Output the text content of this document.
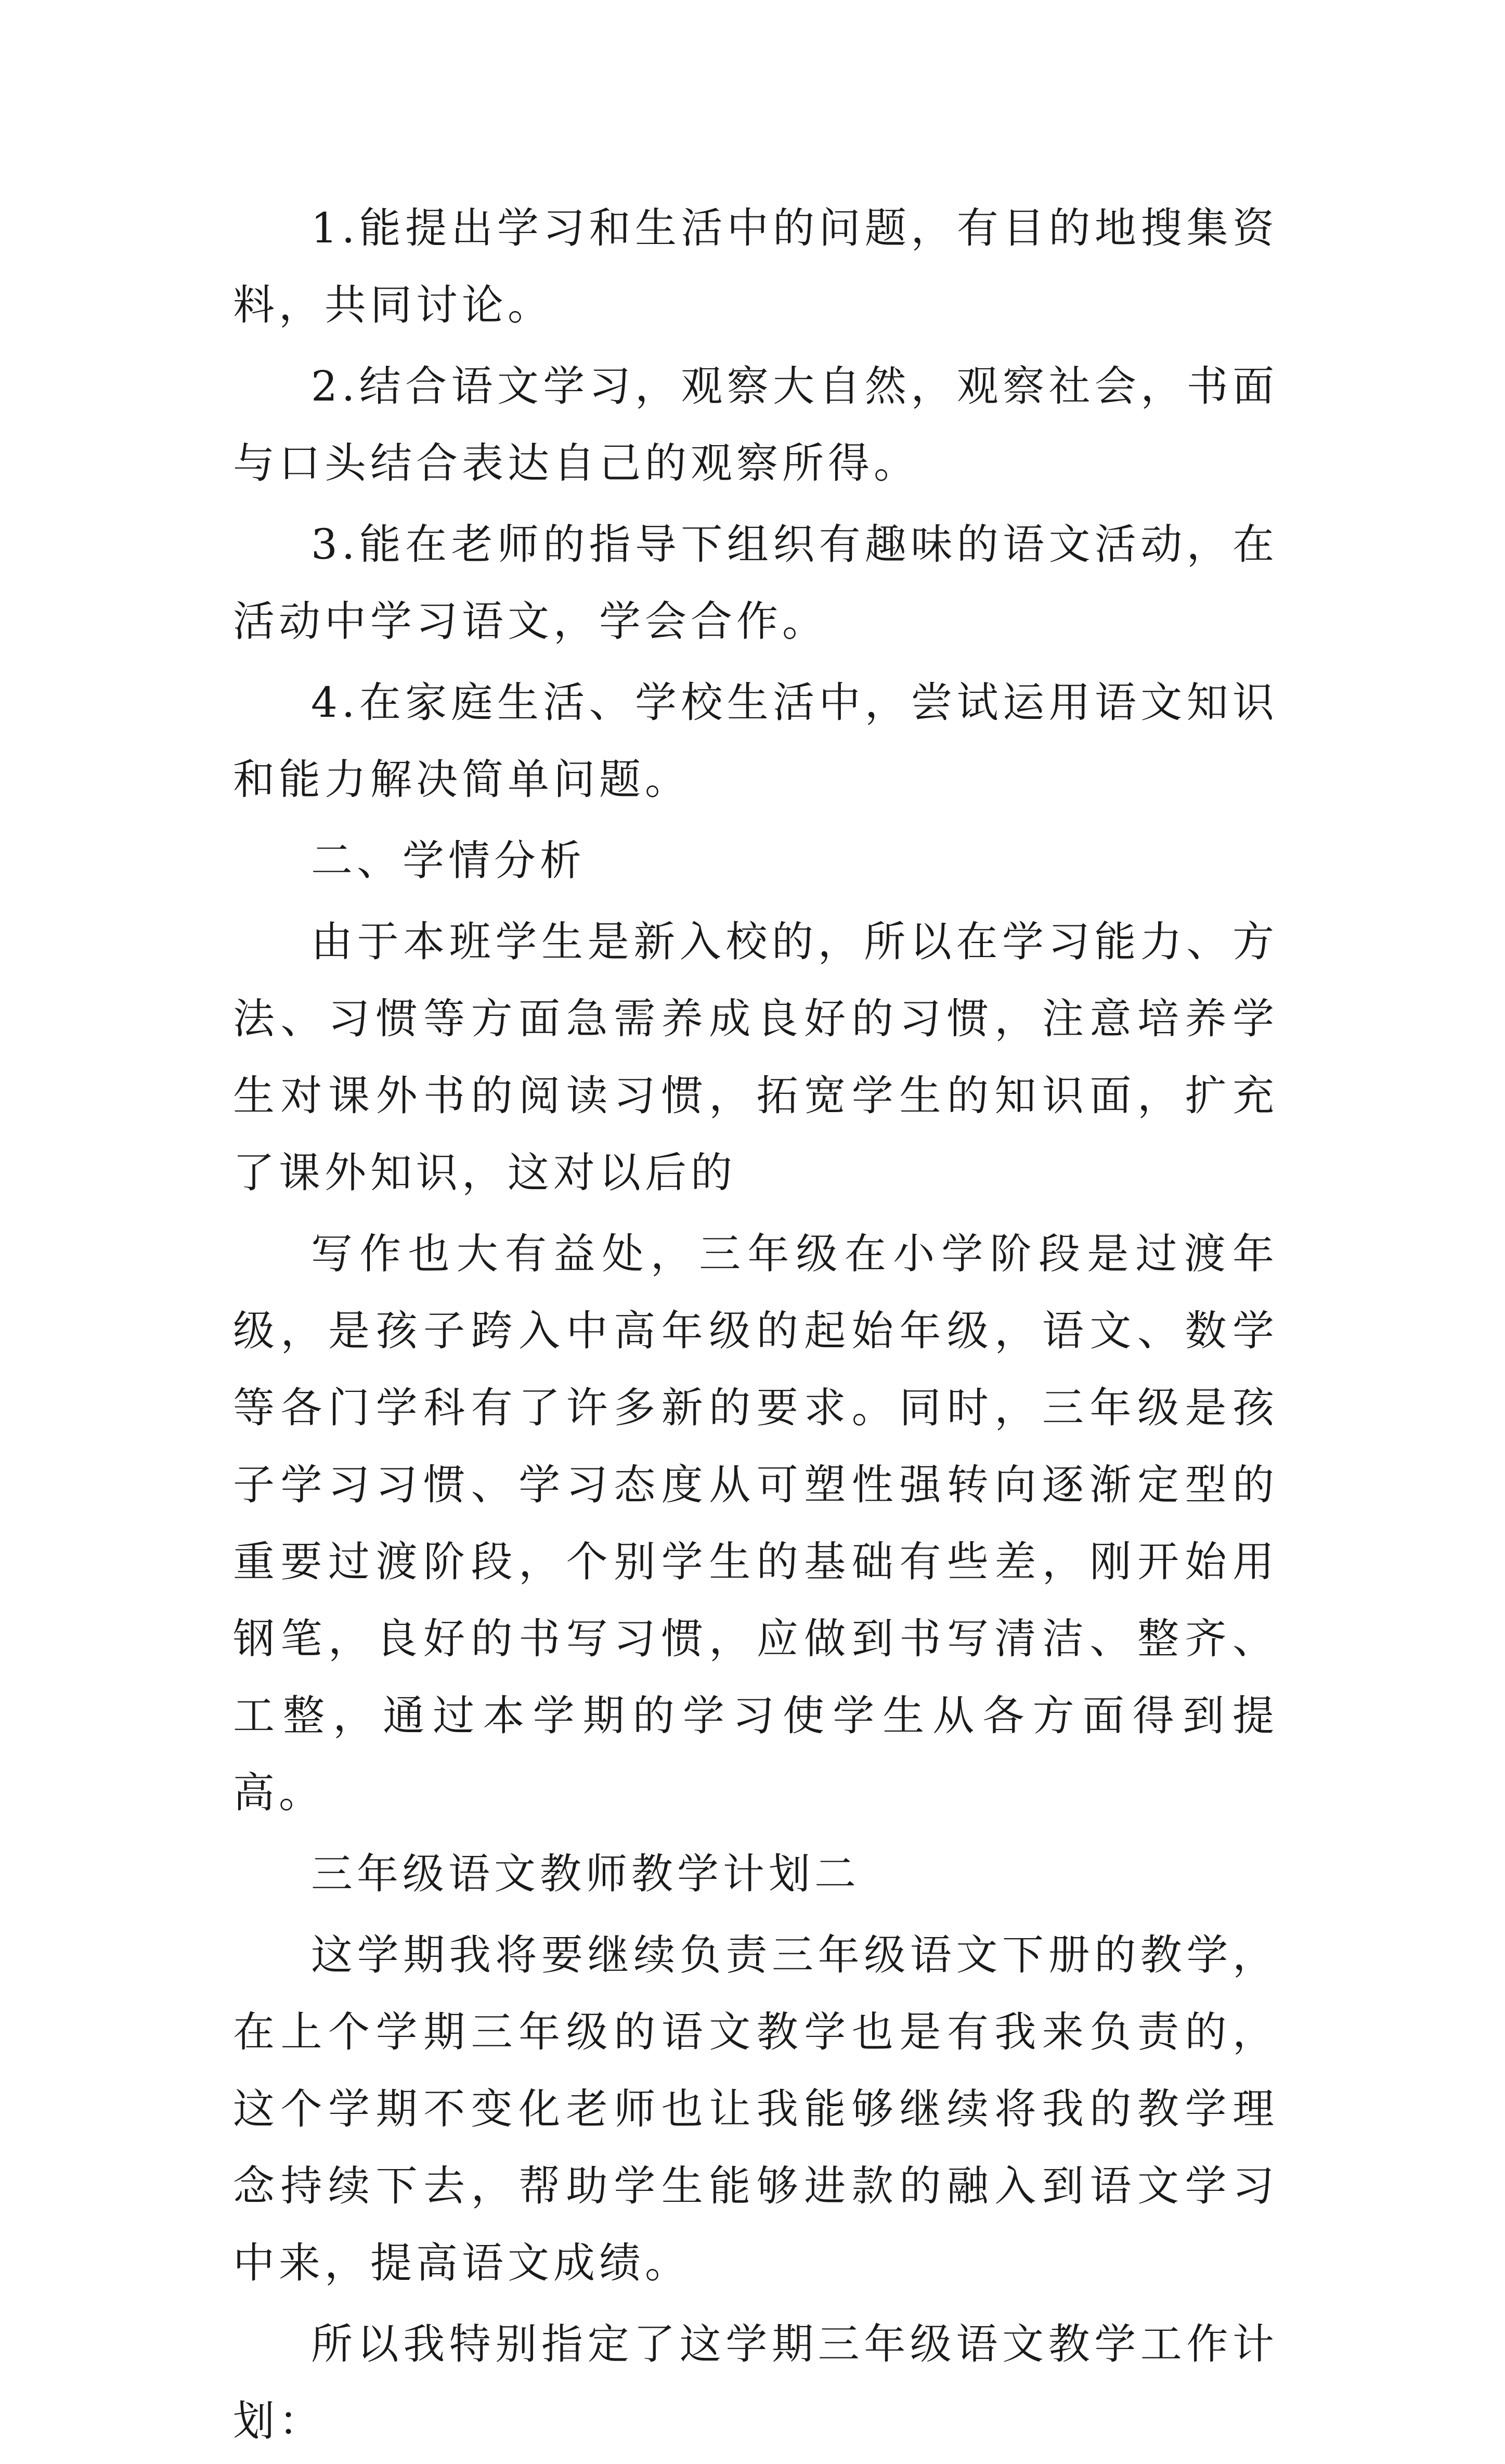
1.能提出学习和生活中的问题，有目的地搜集资料，共同讨论。

2.结合语文学习，观察大自然，观察社会，书面与口头结合表达自己的观察所得。

3.能在老师的指导下组织有趣味的语文活动，在活动中学习语文，学会合作。

4.在家庭生活、学校生活中，尝试运用语文知识和能力解决简单问题。

二、学情分析

由于本班学生是新入校的，所以在学习能力、方法、习惯等方面急需养成良好的习惯，注意培养学生对课外书的阅读习惯，拓宽学生的知识面，扩充了课外知识，这对以后的

写作也大有益处，三年级在小学阶段是过渡年级，是孩子跨入中高年级的起始年级，语文、数学等各门学科有了许多新的要求。同时，三年级是孩子学习习惯、学习态度从可塑性强转向逐渐定型的重要过渡阶段，个别学生的基础有些差，刚开始用钢笔，良好的书写习惯，应做到书写清洁、整齐、工整，通过本学期的学习使学生从各方面得到提高。

三年级语文教师教学计划二

这学期我将要继续负责三年级语文下册的教学，在上个学期三年级的语文教学也是有我来负责的，这个学期不变化老师也让我能够继续将我的教学理念持续下去，帮助学生能够进款的融入到语文学习中来，提高语文成绩。

所以我特别指定了这学期三年级语文教学工作计划：
